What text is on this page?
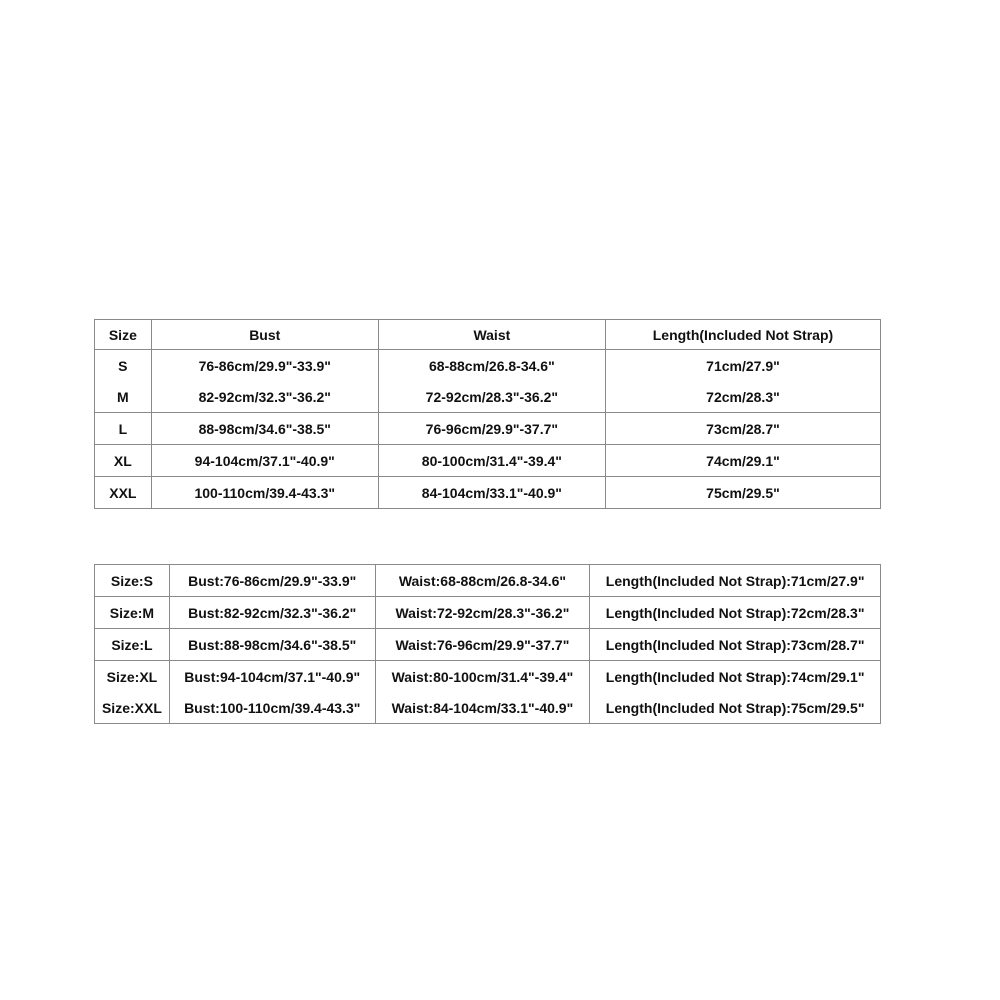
Size	Bust	Waist	Length(Included Not Strap)
S	76-86cm/29.9"-33.9"	68-88cm/26.8-34.6"	71cm/27.9"
M	82-92cm/32.3"-36.2"	72-92cm/28.3"-36.2"	72cm/28.3"
L	88-98cm/34.6"-38.5"	76-96cm/29.9"-37.7"	73cm/28.7"
XL	94-104cm/37.1"-40.9"	80-100cm/31.4"-39.4"	74cm/29.1"
XXL	100-110cm/39.4-43.3"	84-104cm/33.1"-40.9"	75cm/29.5"
Size:S	Bust:76-86cm/29.9"-33.9"	Waist:68-88cm/26.8-34.6"	Length(Included Not Strap):71cm/27.9"
Size:M	Bust:82-92cm/32.3"-36.2"	Waist:72-92cm/28.3"-36.2"	Length(Included Not Strap):72cm/28.3"
Size:L	Bust:88-98cm/34.6"-38.5"	Waist:76-96cm/29.9"-37.7"	Length(Included Not Strap):73cm/28.7"
Size:XL	Bust:94-104cm/37.1"-40.9"	Waist:80-100cm/31.4"-39.4"	Length(Included Not Strap):74cm/29.1"
Size:XXL	Bust:100-110cm/39.4-43.3"	Waist:84-104cm/33.1"-40.9"	Length(Included Not Strap):75cm/29.5"
